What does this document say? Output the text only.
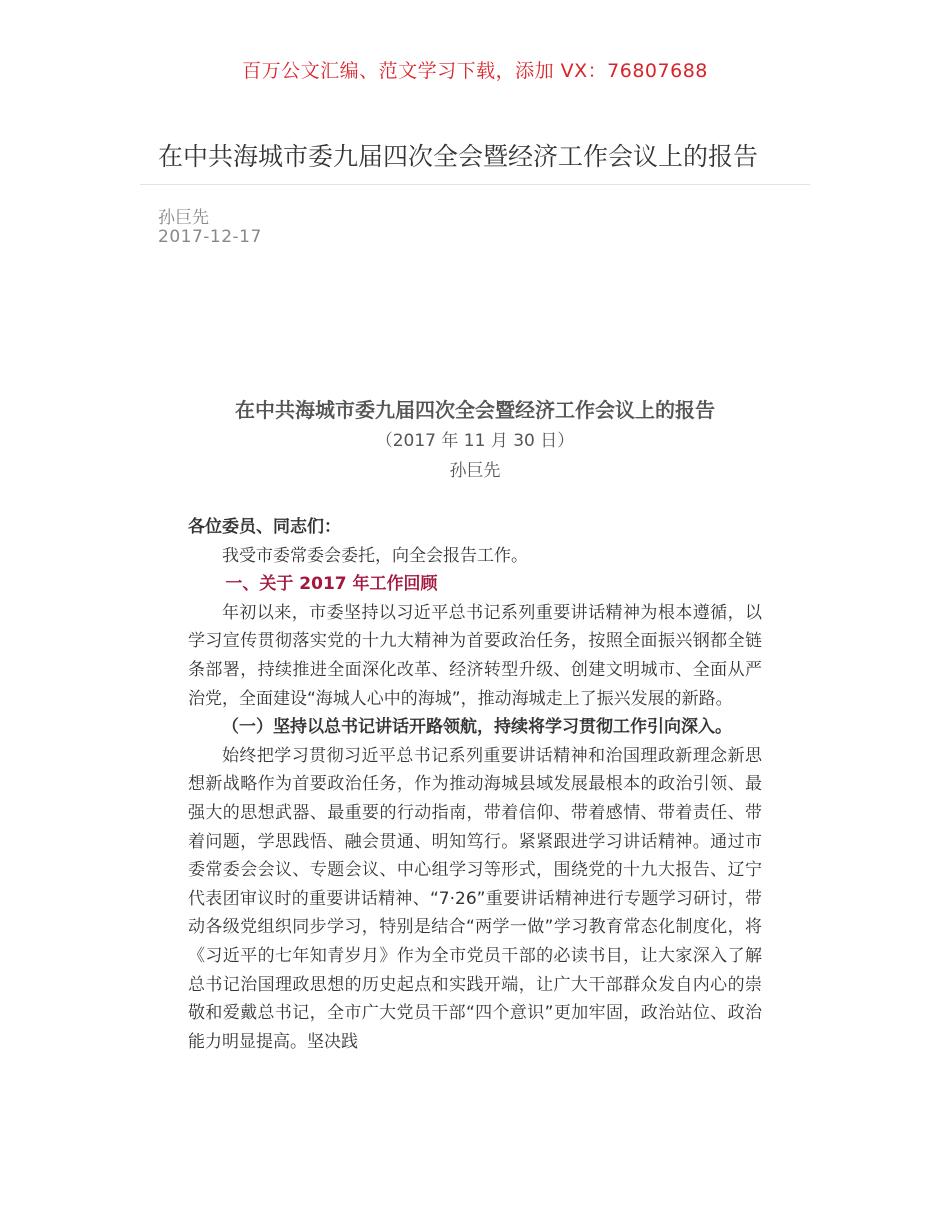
百万公文汇编、范文学习下载，添加 VX：76807688
在中共海城市委九届四次全会暨经济工作会议上的报告
孙巨先
2017-12-17
在中共海城市委九届四次全会暨经济工作会议上的报告
（2017 年 11 月 30 日）
孙巨先

各位委员、同志们：

我受市委常委会委托，向全会报告工作。

一、关于 2017 年工作回顾

年初以来，市委坚持以习近平总书记系列重要讲话精神为根本遵循，以学习宣传贯彻落实党的十九大精神为首要政治任务，按照全面振兴钢都全链条部署，持续推进全面深化改革、经济转型升级、创建文明城市、全面从严治党，全面建设“海城人心中的海城”，推动海城走上了振兴发展的新路。

（一）坚持以总书记讲话开路领航，持续将学习贯彻工作引向深入。

始终把学习贯彻习近平总书记系列重要讲话精神和治国理政新理念新思想新战略作为首要政治任务，作为推动海城县域发展最根本的政治引领、最强大的思想武器、最重要的行动指南，带着信仰、带着感情、带着责任、带着问题，学思践悟、融会贯通、明知笃行。紧紧跟进学习讲话精神。通过市委常委会会议、专题会议、中心组学习等形式，围绕党的十九大报告、辽宁代表团审议时的重要讲话精神、“7·26”重要讲话精神进行专题学习研讨，带动各级党组织同步学习，特别是结合“两学一做”学习教育常态化制度化，将《习近平的七年知青岁月》作为全市党员干部的必读书目，让大家深入了解总书记治国理政思想的历史起点和实践开端，让广大干部群众发自内心的崇敬和爱戴总书记，全市广大党员干部“四个意识”更加牢固，政治站位、政治能力明显提高。坚决践
